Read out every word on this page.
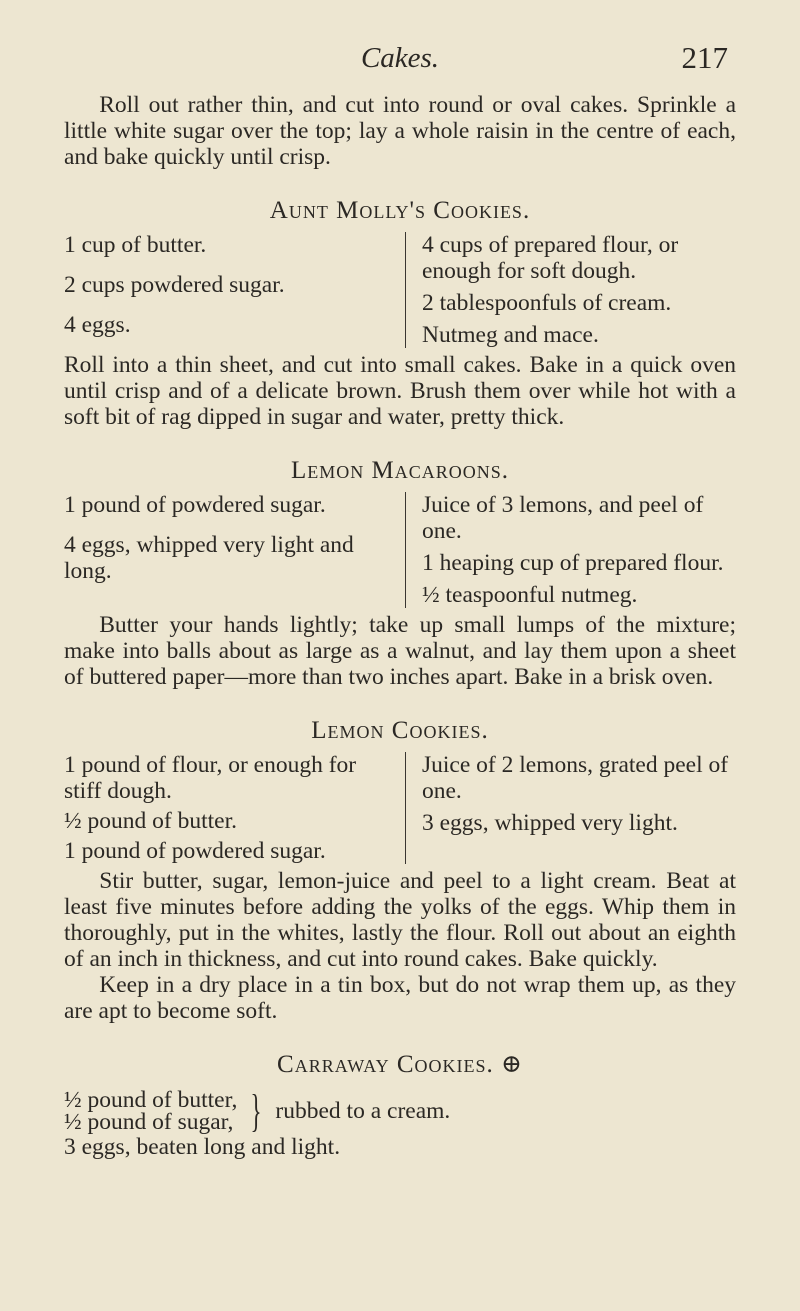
Cakes.	217

Roll out rather thin, and cut into round or oval cakes. Sprinkle a little white sugar over the top; lay a whole raisin in the centre of each, and bake quickly until crisp.

Aunt Molly's Cookies.
1 cup of butter.
2 cups powdered sugar.
4 eggs.
4 cups of prepared flour, or enough for soft dough.
2 tablespoonfuls of cream.
Nutmeg and mace.

Roll into a thin sheet, and cut into small cakes. Bake in a quick oven until crisp and of a delicate brown. Brush them over while hot with a soft bit of rag dipped in sugar and water, pretty thick.

Lemon Macaroons.
1 pound of powdered sugar.
4 eggs, whipped very light and long.
Juice of 3 lemons, and peel of one.
1 heaping cup of prepared flour.
½ teaspoonful nutmeg.

Butter your hands lightly; take up small lumps of the mixture; make into balls about as large as a walnut, and lay them upon a sheet of buttered paper—more than two inches apart. Bake in a brisk oven.

Lemon Cookies.
1 pound of flour, or enough for stiff dough.
½ pound of butter.
1 pound of powdered sugar.
Juice of 2 lemons, grated peel of one.
3 eggs, whipped very light.

Stir butter, sugar, lemon-juice and peel to a light cream. Beat at least five minutes before adding the yolks of the eggs. Whip them in thoroughly, put in the whites, lastly the flour. Roll out about an eighth of an inch in thickness, and cut into round cakes. Bake quickly.

Keep in a dry place in a tin box, but do not wrap them up, as they are apt to become soft.

Carraway Cookies. ⊕
½ pound of butter,
½ pound of sugar, } rubbed to a cream.
3 eggs, beaten long and light.
